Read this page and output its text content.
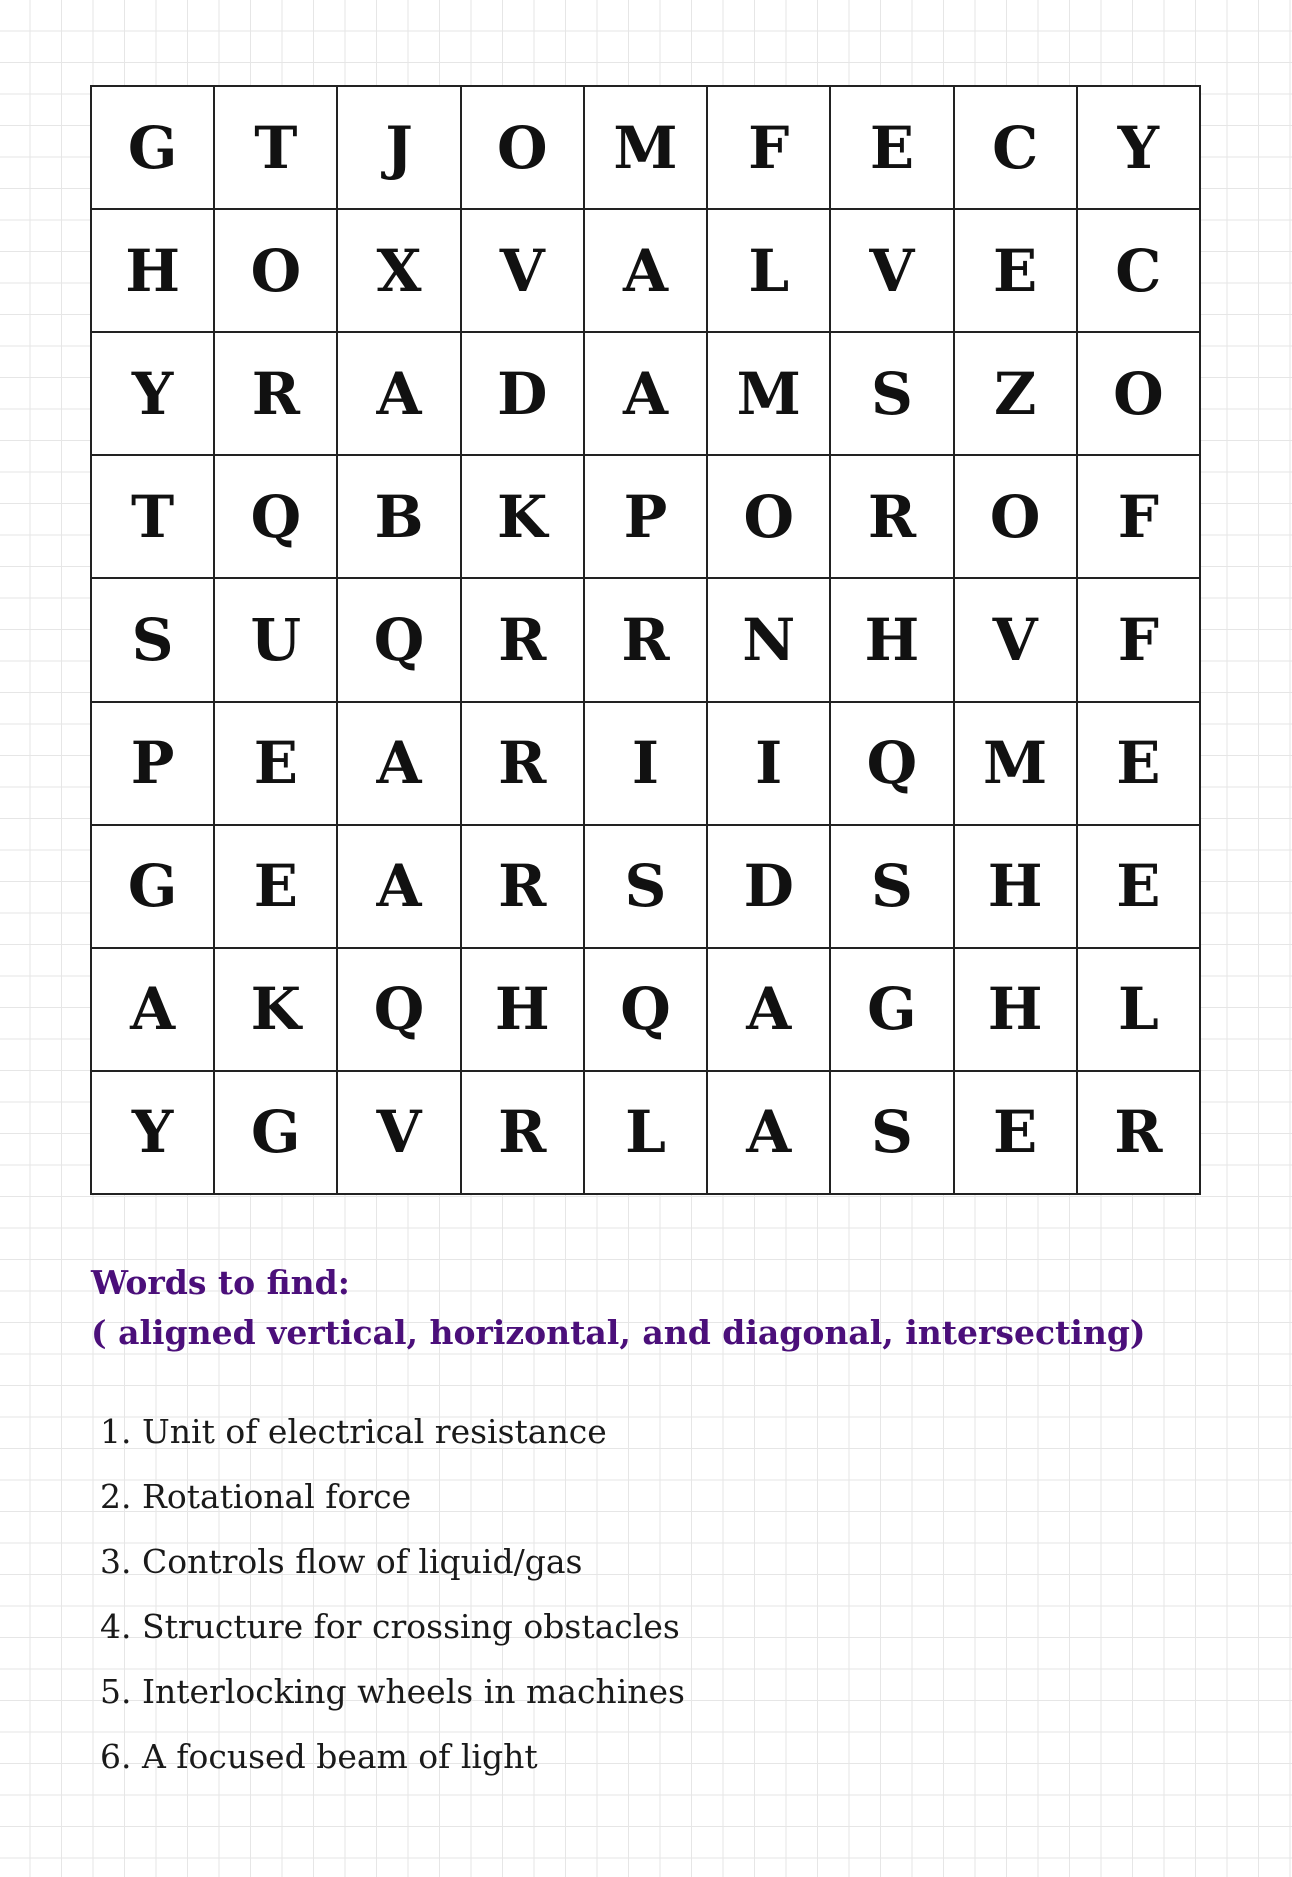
G	T	J	O	M	F	E	C	Y
H	O	X	V	A	L	V	E	C
Y	R	A	D	A	M	S	Z	O
T	Q	B	K	P	O	R	O	F
S	U	Q	R	R	N	H	V	F
P	E	A	R	I	I	Q	M	E
G	E	A	R	S	D	S	H	E
A	K	Q	H	Q	A	G	H	L
Y	G	V	R	L	A	S	E	R
Words to find:
( aligned vertical, horizontal, and diagonal, intersecting)
1. Unit of electrical resistance
2. Rotational force
3. Controls flow of liquid/gas
4. Structure for crossing obstacles
5. Interlocking wheels in machines
6. A focused beam of light
